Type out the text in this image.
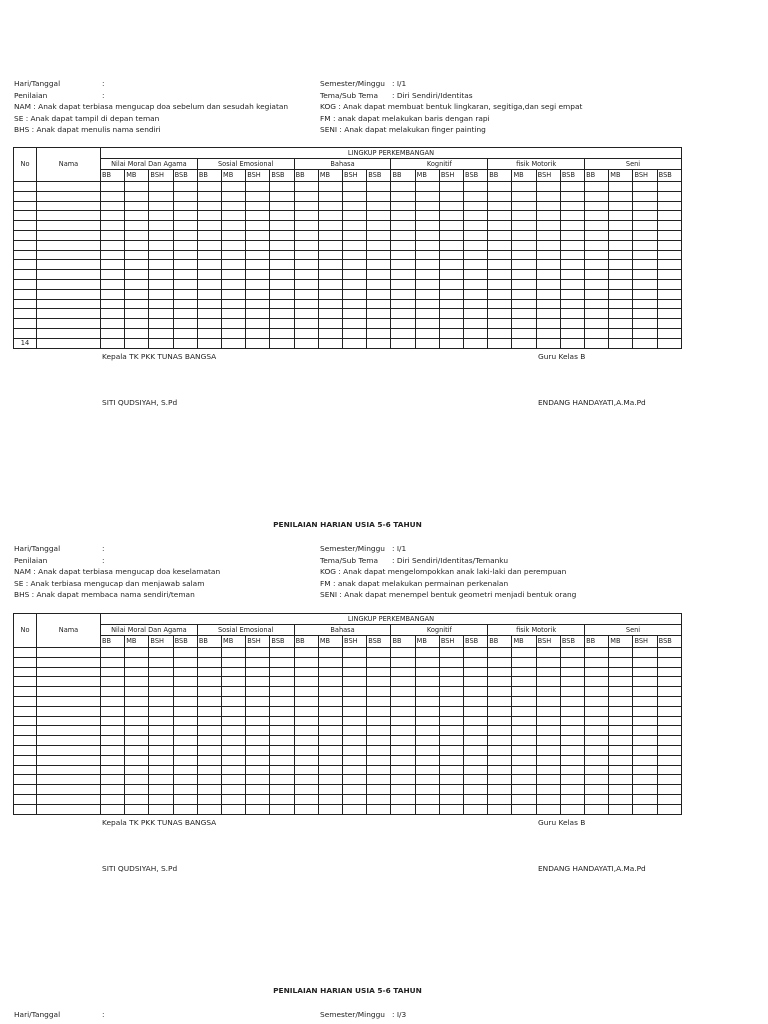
Hari/Tanggal	:
Penilaian	:
NAM : Anak dapat terbiasa mengucap doa sebelum dan sesudah kegiatan
SE : Anak dapat tampil di depan teman
BHS : Anak dapat menulis nama sendiri
Semester/Minggu : I/1
Tema/Sub Tema : Diri Sendiri/Identitas
KOG : Anak dapat membuat bentuk lingkaran, segitiga,dan segi empat
FM : anak dapat melakukan baris dengan rapi
SENI : Anak dapat melakukan finger painting
No	Nama	LINGKUP PERKEMBANGAN																							
		Nilai Moral Dan Agama				Sosial Emosional				Bahasa				Kognitif				fisik Motorik				Seni			
		BB	MB	BSH	BSB	BB	MB	BSH	BSB	BB	MB	BSH	BSB	BB	MB	BSH	BSB	BB	MB	BSH	BSB	BB	MB	BSH	BSB

14																									
Kepala TK PKK TUNAS BANGSA	Guru Kelas B
SITI QUDSIYAH, S.Pd	ENDANG HANDAYATI,A.Ma.Pd
PENILAIAN HARIAN USIA 5-6 TAHUN
Hari/Tanggal	:
Penilaian	:
NAM : Anak dapat terbiasa mengucap doa keselamatan
SE : Anak terbiasa mengucap dan menjawab salam
BHS : Anak dapat membaca nama sendiri/teman
Semester/Minggu : I/1
Tema/Sub Tema : Diri Sendiri/Identitas/Temanku
KOG : Anak dapat mengelompokkan anak laki-laki dan perempuan
FM : anak dapat melakukan permainan perkenalan
SENI : Anak dapat menempel bentuk geometri menjadi bentuk orang
No	Nama	LINGKUP PERKEMBANGAN																							
		Nilai Moral Dan Agama				Sosial Emosional				Bahasa				Kognitif				fisik Motorik				Seni			
		BB	MB	BSH	BSB	BB	MB	BSH	BSB	BB	MB	BSH	BSB	BB	MB	BSH	BSB	BB	MB	BSH	BSB	BB	MB	BSH	BSB

Kepala TK PKK TUNAS BANGSA	Guru Kelas B
SITI QUDSIYAH, S.Pd	ENDANG HANDAYATI,A.Ma.Pd
PENILAIAN HARIAN USIA 5-6 TAHUN
Hari/Tanggal	:	Semester/Minggu : I/3
